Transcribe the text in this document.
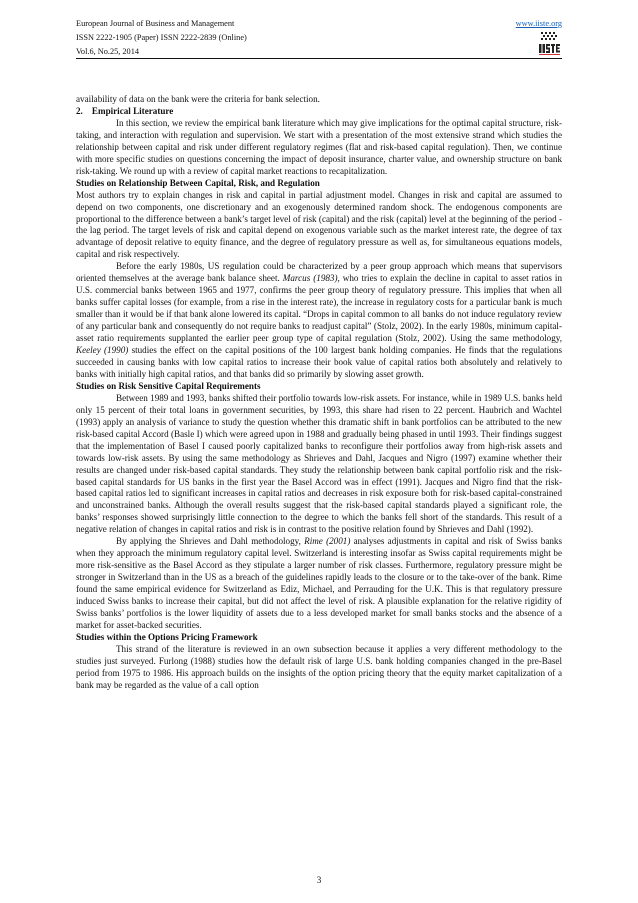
European Journal of Business and Management	www.iiste.org
ISSN 2222-1905 (Paper) ISSN 2222-2839 (Online)
Vol.6, No.25, 2014

availability of data on the bank were the criteria for bank selection.

2. Empirical Literature

In this section, we review the empirical bank literature which may give implications for the optimal capital structure, risk-taking, and interaction with regulation and supervision. We start with a presentation of the most extensive strand which studies the relationship between capital and risk under different regulatory regimes (flat and risk-based capital regulation). Then, we continue with more specific studies on questions concerning the impact of deposit insurance, charter value, and ownership structure on bank risk-taking. We round up with a review of capital market reactions to recapitalization.

Studies on Relationship Between Capital, Risk, and Regulation

Most authors try to explain changes in risk and capital in partial adjustment model. Changes in risk and capital are assumed to depend on two components, one discretionary and an exogenously determined random shock. The endogenous components are proportional to the difference between a bank’s target level of risk (capital) and the risk (capital) level at the beginning of the period - the lag period. The target levels of risk and capital depend on exogenous variable such as the market interest rate, the degree of tax advantage of deposit relative to equity finance, and the degree of regulatory pressure as well as, for simultaneous equations models, capital and risk respectively.

Before the early 1980s, US regulation could be characterized by a peer group approach which means that supervisors oriented themselves at the average bank balance sheet. Marcus (1983), who tries to explain the decline in capital to asset ratios in U.S. commercial banks between 1965 and 1977, confirms the peer group theory of regulatory pressure. This implies that when all banks suffer capital losses (for example, from a rise in the interest rate), the increase in regulatory costs for a particular bank is much smaller than it would be if that bank alone lowered its capital. “Drops in capital common to all banks do not induce regulatory review of any particular bank and consequently do not require banks to readjust capital” (Stolz, 2002). In the early 1980s, minimum capital-asset ratio requirements supplanted the earlier peer group type of capital regulation (Stolz, 2002). Using the same methodology, Keeley (1990) studies the effect on the capital positions of the 100 largest bank holding companies. He finds that the regulations succeeded in causing banks with low capital ratios to increase their book value of capital ratios both absolutely and relatively to banks with initially high capital ratios, and that banks did so primarily by slowing asset growth.

Studies on Risk Sensitive Capital Requirements

Between 1989 and 1993, banks shifted their portfolio towards low-risk assets. For instance, while in 1989 U.S. banks held only 15 percent of their total loans in government securities, by 1993, this share had risen to 22 percent. Haubrich and Wachtel (1993) apply an analysis of variance to study the question whether this dramatic shift in bank portfolios can be attributed to the new risk-based capital Accord (Basle I) which were agreed upon in 1988 and gradually being phased in until 1993. Their findings suggest that the implementation of Basel I caused poorly capitalized banks to reconfigure their portfolios away from high-risk assets and towards low-risk assets. By using the same methodology as Shrieves and Dahl, Jacques and Nigro (1997) examine whether their results are changed under risk-based capital standards. They study the relationship between bank capital portfolio risk and the risk-based capital standards for US banks in the first year the Basel Accord was in effect (1991). Jacques and Nigro find that the risk- based capital ratios led to significant increases in capital ratios and decreases in risk exposure both for risk-based capital-constrained and unconstrained banks. Although the overall results suggest that the risk-based capital standards played a significant role, the banks’ responses showed surprisingly little connection to the degree to which the banks fell short of the standards. This result of a negative relation of changes in capital ratios and risk is in contrast to the positive relation found by Shrieves and Dahl (1992).

By applying the Shrieves and Dahl methodology, Rime (2001) analyses adjustments in capital and risk of Swiss banks when they approach the minimum regulatory capital level. Switzerland is interesting insofar as Swiss capital requirements might be more risk-sensitive as the Basel Accord as they stipulate a larger number of risk classes. Furthermore, regulatory pressure might be stronger in Switzerland than in the US as a breach of the guidelines rapidly leads to the closure or to the take-over of the bank. Rime found the same empirical evidence for Switzerland as Ediz, Michael, and Perrauding for the U.K. This is that regulatory pressure induced Swiss banks to increase their capital, but did not affect the level of risk. A plausible explanation for the relative rigidity of Swiss banks’ portfolios is the lower liquidity of assets due to a less developed market for small banks stocks and the absence of a market for asset-backed securities.

Studies within the Options Pricing Framework

This strand of the literature is reviewed in an own subsection because it applies a very different methodology to the studies just surveyed. Furlong (1988) studies how the default risk of large U.S. bank holding companies changed in the pre-Basel period from 1975 to 1986. His approach builds on the insights of the option pricing theory that the equity market capitalization of a bank may be regarded as the value of a call option

3
